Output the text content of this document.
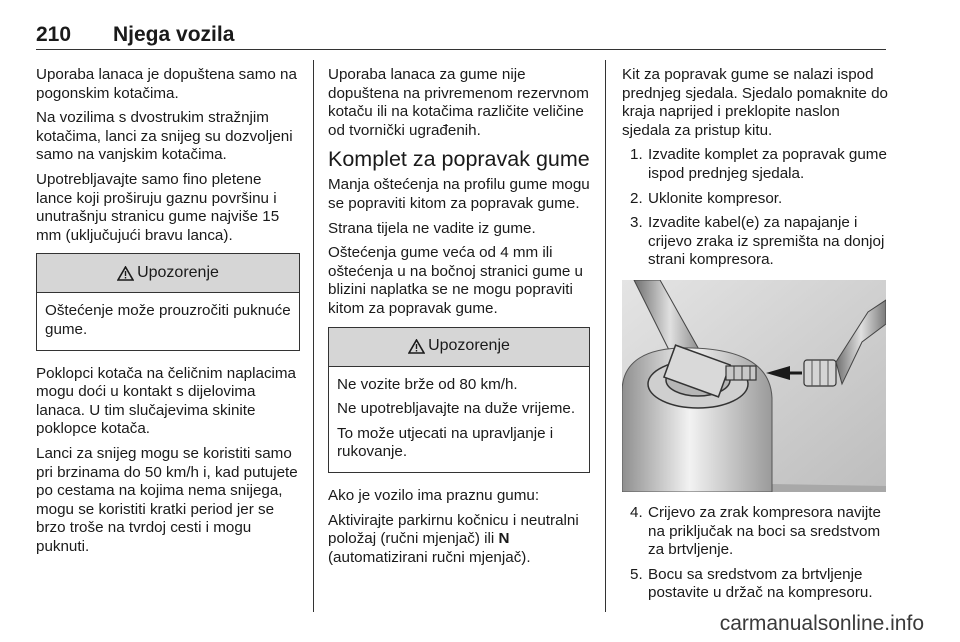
210 Njega vozila

Uporaba lanaca je dopuštena samo na pogonskim kotačima.

Na vozilima s dvostrukim stražnjim kotačima, lanci za snijeg su dozvoljeni samo na vanjskim kotačima.

Upotrebljavajte samo fino pletene lance koji proširuju gaznu površinu i unutrašnju stranicu gume najviše 15 mm (uključujući bravu lanca).

Upozorenje

Oštećenje može prouzročiti puknuće gume.

Poklopci kotača na čeličnim naplacima mogu doći u kontakt s dijelovima lanaca. U tim slučajevima skinite poklopce kotača.

Lanci za snijeg mogu se koristiti samo pri brzinama do 50 km/h i, kad putujete po cestama na kojima nema snijega, mogu se koristiti kratki period jer se brzo troše na tvrdoj cesti i mogu puknuti.

Uporaba lanaca za gume nije dopuštena na privremenom rezervnom kotaču ili na kotačima različite veličine od tvornički ugrađenih.

Komplet za popravak gume

Manja oštećenja na profilu gume mogu se popraviti kitom za popravak gume.

Strana tijela ne vadite iz gume.

Oštećenja gume veća od 4 mm ili oštećenja u na bočnoj stranici gume u blizini naplatka se ne mogu popraviti kitom za popravak gume.

Upozorenje

Ne vozite brže od 80 km/h.

Ne upotrebljavajte na duže vrijeme.

To može utjecati na upravljanje i rukovanje.

Ako je vozilo ima praznu gumu:

Aktivirajte parkirnu kočnicu i neutralni položaj (ručni mjenjač) ili N (automatizirani ručni mjenjač).

Kit za popravak gume se nalazi ispod prednjeg sjedala. Sjedalo pomaknite do kraja naprijed i preklopite naslon sjedala za pristup kitu.

1. Izvadite komplet za popravak gume ispod prednjeg sjedala.
2. Uklonite kompresor.
3. Izvadite kabel(e) za napajanje i crijevo zraka iz spremišta na donjoj strani kompresora.
4. Crijevo za zrak kompresora navijte na priključak na boci sa sredstvom za brtvljenje.
5. Bocu sa sredstvom za brtvljenje postavite u držač na kompresoru.
carmanualsonline.info
